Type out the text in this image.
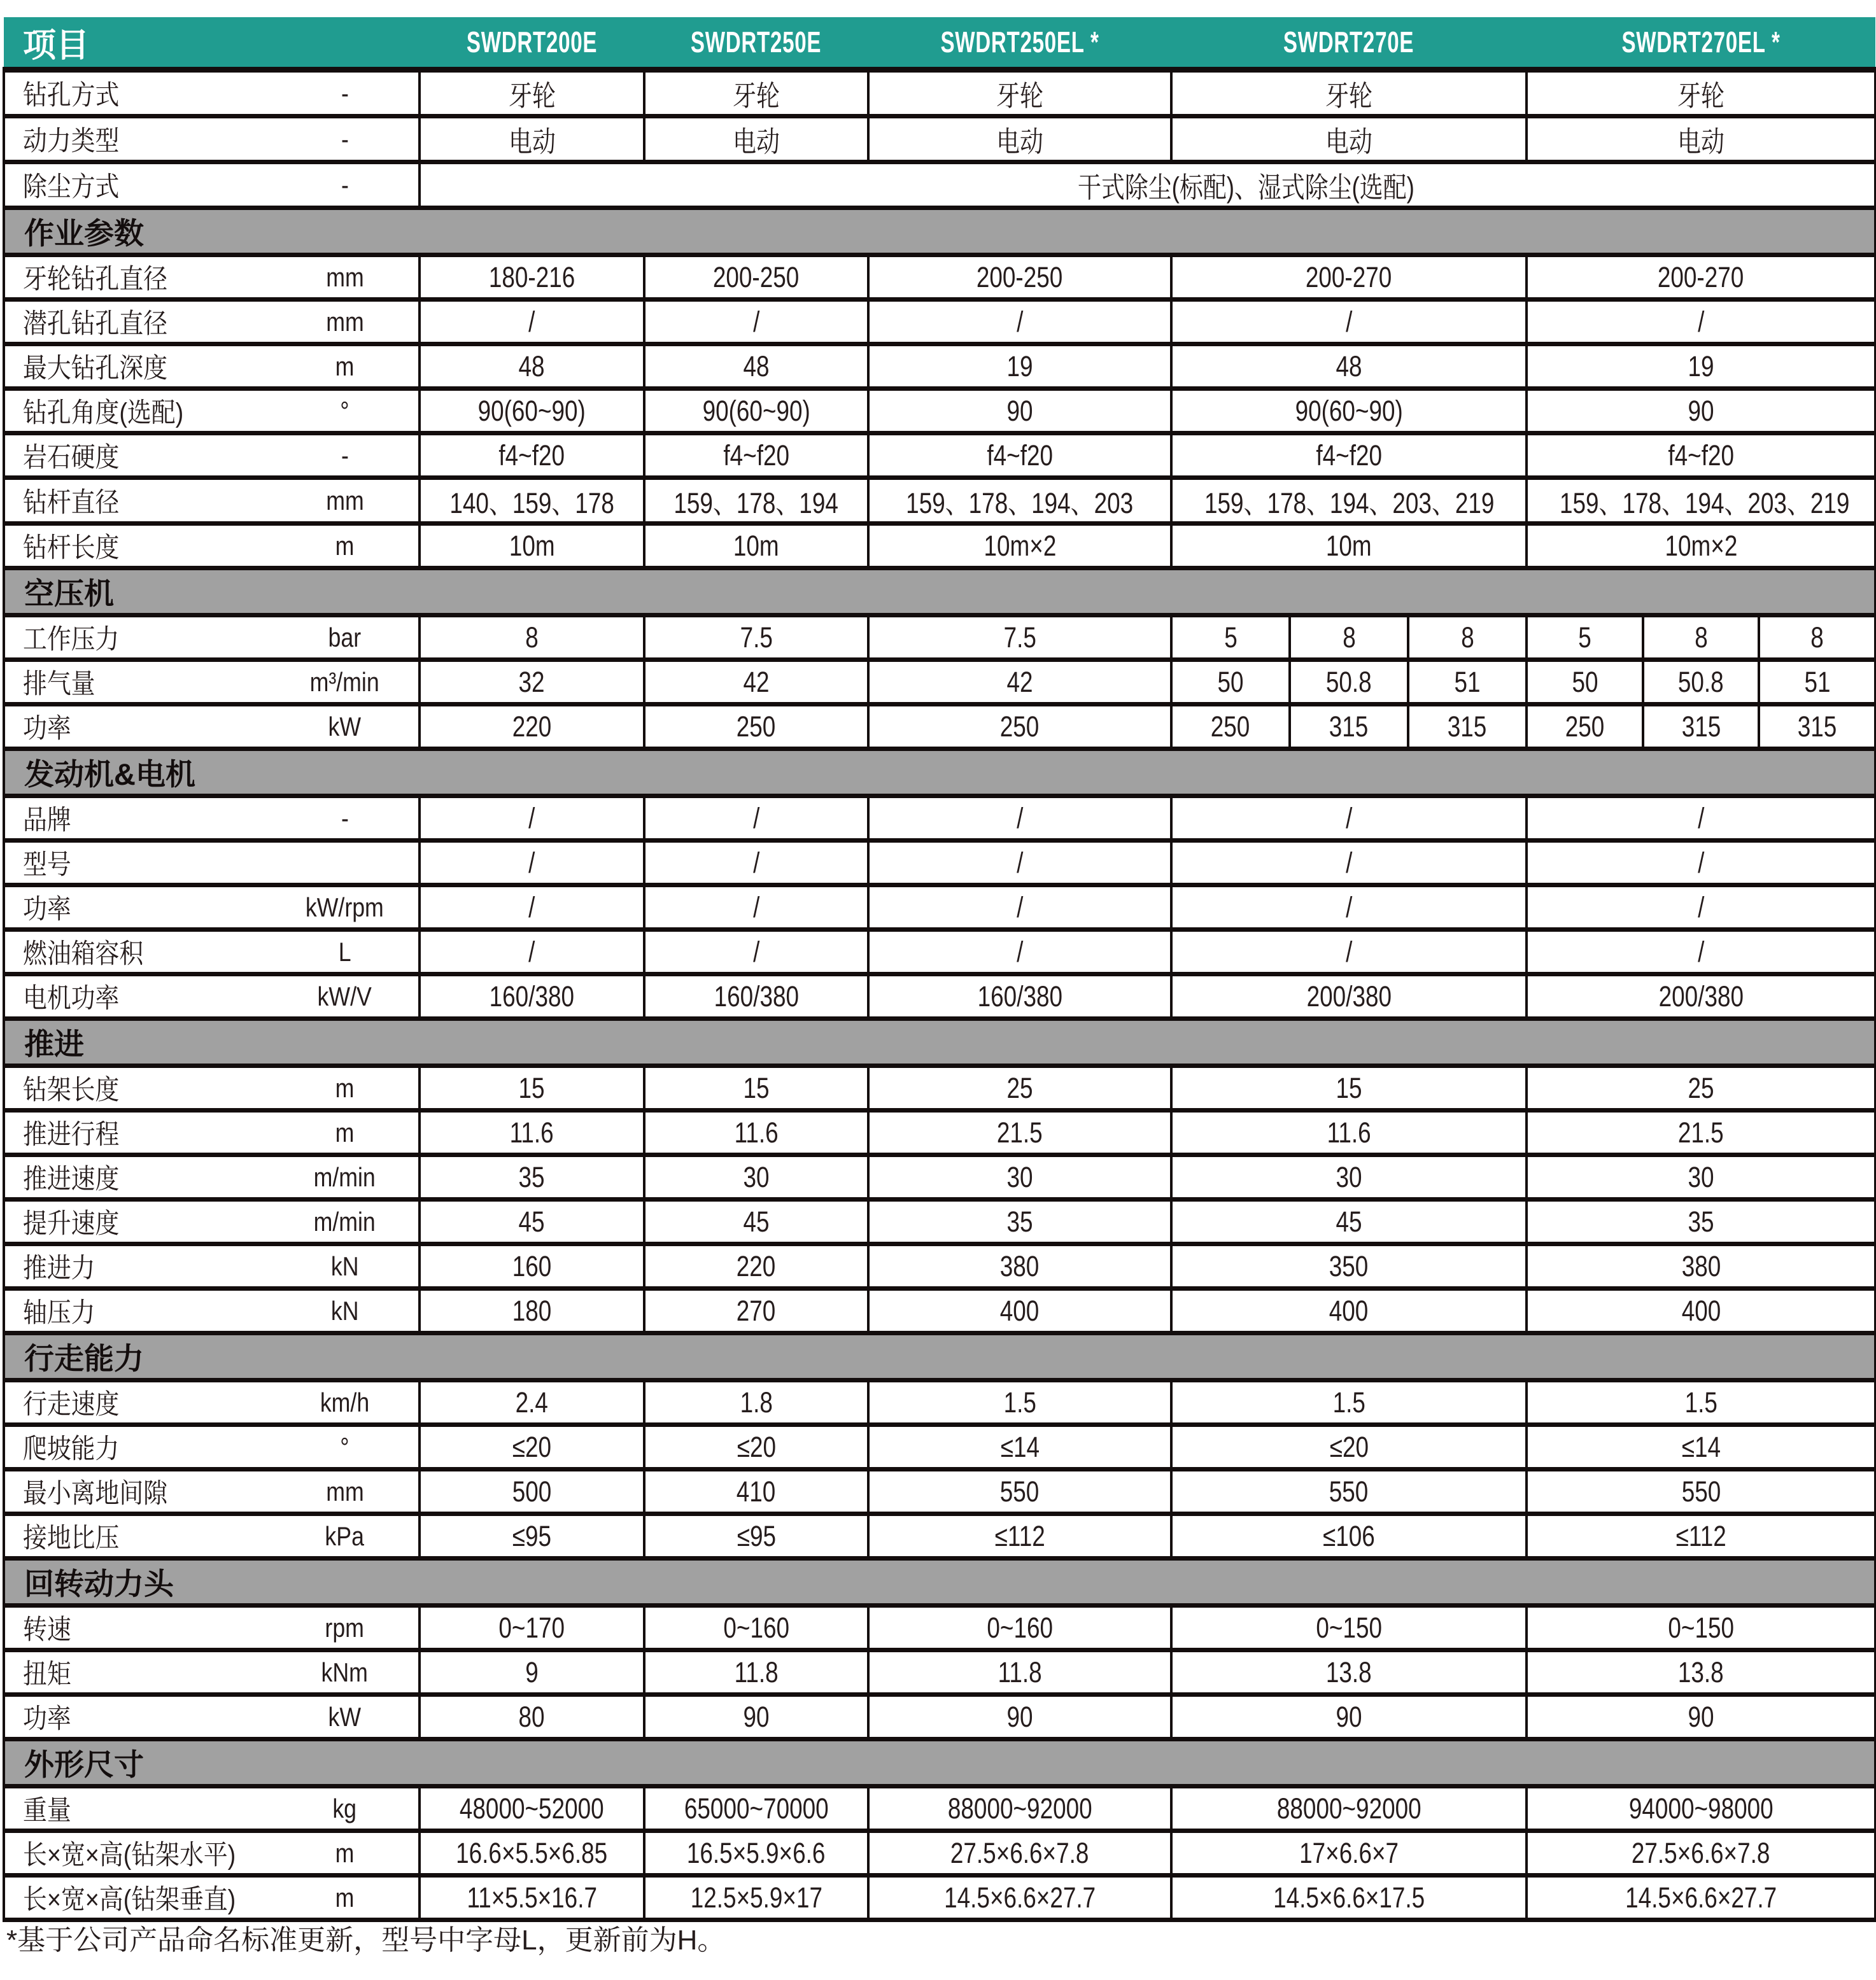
项目		SWDRT200E	SWDRT250E	SWDRT250EL *	SWDRT270E			SWDRT270EL *		
钻孔方式	-	牙轮	牙轮	牙轮	牙轮			牙轮		
动力类型	-	电动	电动	电动	电动			电动		
除尘方式	-	干式除尘(标配)、湿式除尘(选配)								
作业参数										
牙轮钻孔直径	mm	180-216	200-250	200-250	200-270			200-270		
潜孔钻孔直径	mm	/	/	/	/			/		
最大钻孔深度	m	48	48	19	48			19		
钻孔角度(选配)	°	90(60~90)	90(60~90)	90	90(60~90)			90		
岩石硬度	-	f4~f20	f4~f20	f4~f20	f4~f20			f4~f20		
钻杆直径	mm	140、159、178	159、178、194	159、178、194、203	159、178、194、203、219			159、178、194、203、219		
钻杆长度	m	10m	10m	10m×2	10m			10m×2		
空压机										
工作压力	bar	8	7.5	7.5	5	8	8	5	8	8
排气量	m³/min	32	42	42	50	50.8	51	50	50.8	51
功率	kW	220	250	250	250	315	315	250	315	315
发动机&电机										
品牌	-	/	/	/	/			/		
型号		/	/	/	/			/		
功率	kW/rpm	/	/	/	/			/		
燃油箱容积	L	/	/	/	/			/		
电机功率	kW/V	160/380	160/380	160/380	200/380			200/380		
推进										
钻架长度	m	15	15	25	15			25		
推进行程	m	11.6	11.6	21.5	11.6			21.5		
推进速度	m/min	35	30	30	30			30		
提升速度	m/min	45	45	35	45			35		
推进力	kN	160	220	380	350			380		
轴压力	kN	180	270	400	400			400		
行走能力										
行走速度	km/h	2.4	1.8	1.5	1.5			1.5		
爬坡能力	°	≤20	≤20	≤14	≤20			≤14		
最小离地间隙	mm	500	410	550	550			550		
接地比压	kPa	≤95	≤95	≤112	≤106			≤112		
回转动力头										
转速	rpm	0~170	0~160	0~160	0~150			0~150		
扭矩	kNm	9	11.8	11.8	13.8			13.8		
功率	kW	80	90	90	90			90		
外形尺寸										
重量	kg	48000~52000	65000~70000	88000~92000	88000~92000			94000~98000		
长×宽×高(钻架水平)	m	16.6×5.5×6.85	16.5×5.9×6.6	27.5×6.6×7.8	17×6.6×7			27.5×6.6×7.8		
长×宽×高(钻架垂直)	m	11×5.5×16.7	12.5×5.9×17	14.5×6.6×27.7	14.5×6.6×17.5			14.5×6.6×27.7		
*基于公司产品命名标准更新，型号中字母L，更新前为H。
